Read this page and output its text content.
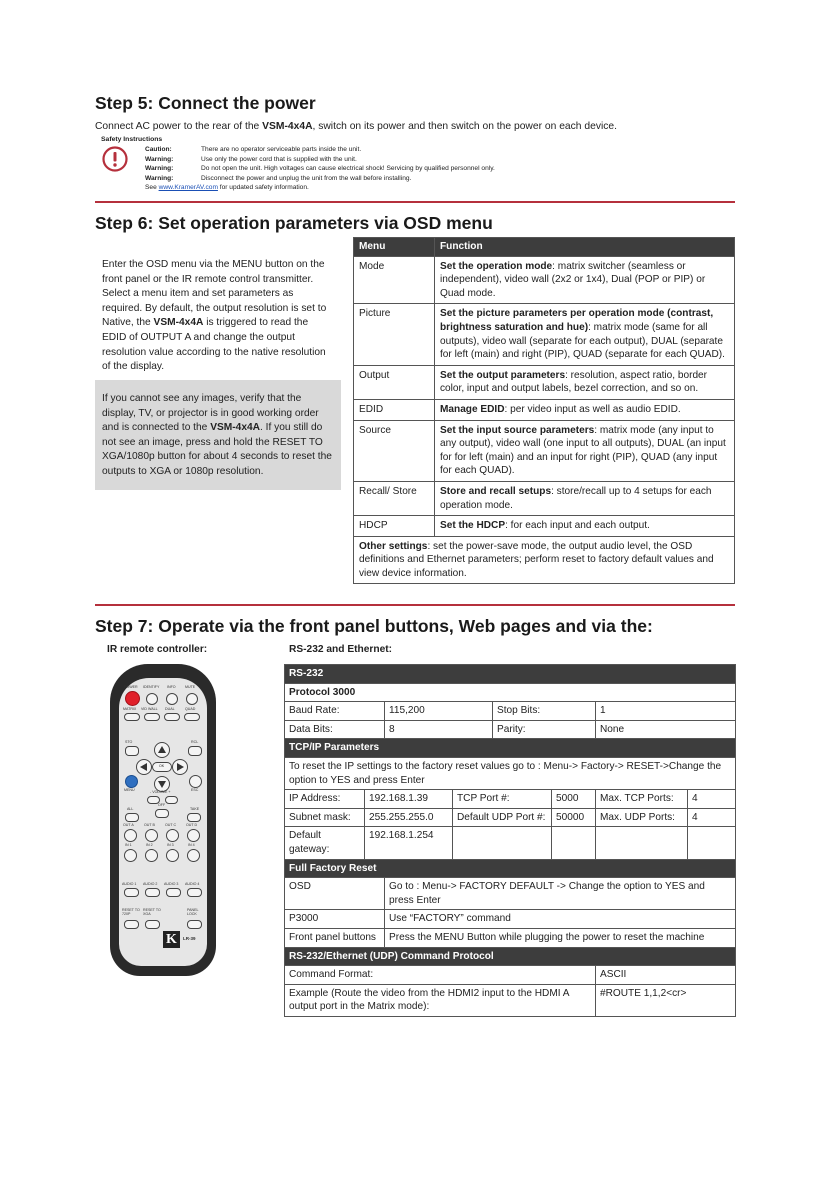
Step 5: Connect the power
Connect AC power to the rear of the VSM-4x4A, switch on its power and then switch on the power on each device.
Safety Instructions
Caution:	There are no operator serviceable parts inside the unit.
Warning:	Use only the power cord that is supplied with the unit.
Warning:	Do not open the unit. High voltages can cause electrical shock! Servicing by qualified personnel only.
Warning:	Disconnect the power and unplug the unit from the wall before installing.
See www.KramerAV.com for updated safety information.
Step 6: Set operation parameters via OSD menu
Enter the OSD menu via the MENU button on the front panel or the IR remote control transmitter. Select a menu item and set parameters as required. By default, the output resolution is set to Native, the VSM-4x4A is triggered to read the EDID of OUTPUT A and change the output resolution value according to the native resolution of the display.
If you cannot see any images, verify that the display, TV, or projector is in good working order and is connected to the VSM-4x4A. If you still do not see an image, press and hold the RESET TO XGA/1080p button for about 4 seconds to reset the outputs to XGA or 1080p resolution.
Menu	Function
Mode	Set the operation mode: matrix switcher (seamless or independent), video wall (2x2 or 1x4), Dual (POP or PIP) or Quad mode.
Picture	Set the picture parameters per operation mode (contrast, brightness saturation and hue): matrix mode (same for all outputs), video wall (separate for each output), DUAL (separate for left (main) and right (PIP), QUAD (separate for each QUAD).
Output	Set the output parameters: resolution, aspect ratio, border color, input and output labels, bezel correction, and so on.
EDID	Manage EDID: per video input as well as audio EDID.
Source	Set the input source parameters: matrix mode (any input to any output), video wall (one input to all outputs), DUAL (an input for for left (main) and an input for right (PIP), QUAD (any input for each QUAD).
Recall/ Store	Store and recall setups: store/recall up to 4 setups for each operation mode.
HDCP	Set the HDCP: for each input and each output.
Other settings: set the power-save mode, the output audio level, the OSD definitions and Ethernet parameters; perform reset to factory default values and view device information.	
Step 7: Operate via the front panel buttons, Web pages and via the:
IR remote controller:	RS-232 and Ethernet:
POWER IDENTIFY INFO	MUTE
MATRIX VID WALL DUAL	QUAD
STO	RCL
OK
MENU	ESC
- VOLUME +
ALL
OFF
TAKE
OUT A	OUT B	OUT C	OUT D
IN 1	IN 2	IN 3	IN 4
AUDIO 1 AUDIO 2 AUDIO 3 AUDIO 4
RESET TO 720P
RESET TO XGA
PANEL LOCK
K	LR-39
RS-232							
Protocol 3000							
Baud Rate:		115,200		Stop Bits:		1	
Data Bits:		8		Parity:		None	
TCP/IP Parameters							
To reset the IP settings to the factory reset values go to : Menu-> Factory-> RESET->Change the option to YES and press Enter							
IP Address:	192.168.1.39		TCP Port #:		5000	Max. TCP Ports:	4
Subnet mask:	255.255.255.0		Default UDP Port #:		50000	Max. UDP Ports:	4
Default gateway:	192.168.1.254						
Full Factory Reset							
OSD		Go to : Menu-> FACTORY DEFAULT -> Change the option to YES and press Enter					
P3000		Use “FACTORY” command					
Front panel buttons		Press the MENU Button while plugging the power to reset the machine					
RS-232/Ethernet (UDP) Command Protocol							
Command Format:						ASCII	
Example (Route the video from the HDMI2 input to the HDMI A output port in the Matrix mode):						#ROUTE 1,1,2<cr>	
